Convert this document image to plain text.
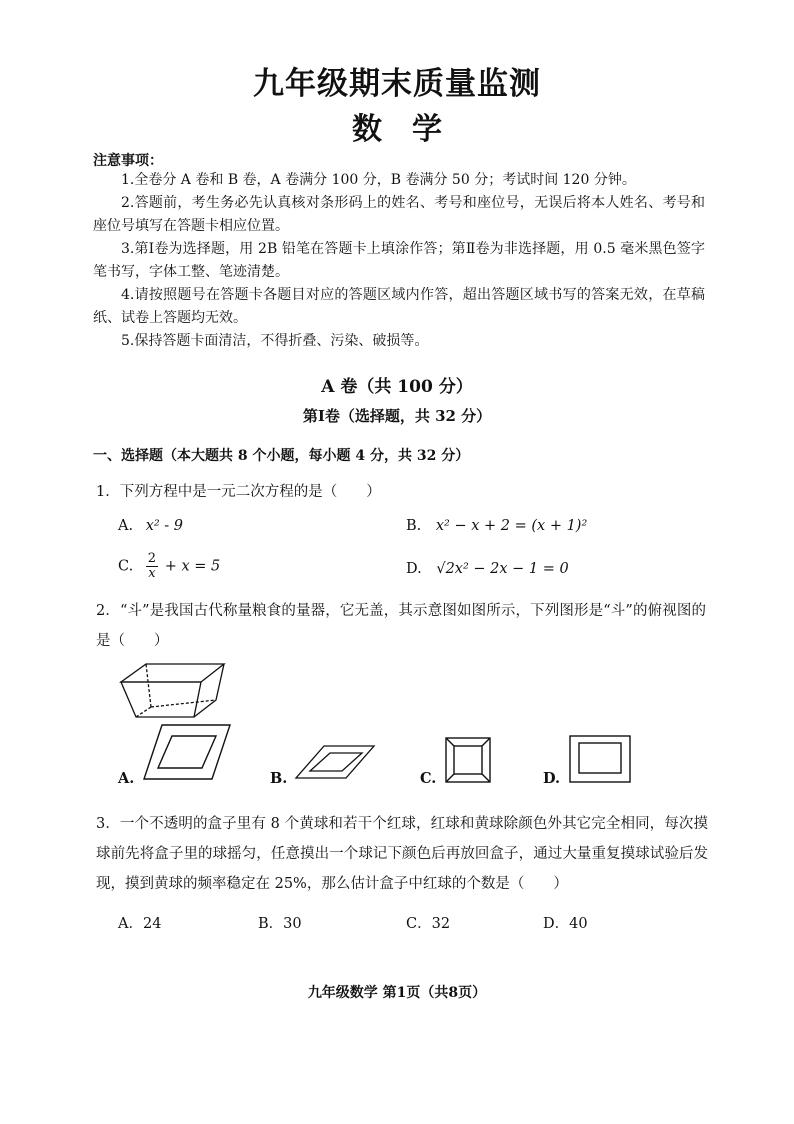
九年级期末质量监测
数学
注意事项：
1.全卷分 A 卷和 B 卷，A 卷满分 100 分，B 卷满分 50 分；考试时间 120 分钟。
2.答题前，考生务必先认真核对条形码上的姓名、考号和座位号，无误后将本人姓名、考号和座位号填写在答题卡相应位置。
3.第Ⅰ卷为选择题，用 2B 铅笔在答题卡上填涂作答；第Ⅱ卷为非选择题，用 0.5 毫米黑色签字笔书写，字体工整、笔迹清楚。
4.请按照题号在答题卡各题目对应的答题区域内作答，超出答题区域书写的答案无效，在草稿纸、试卷上答题均无效。
5.保持答题卡面清洁，不得折叠、污染、破损等。
A 卷（共 100 分）
第Ⅰ卷（选择题，共 32 分）
一、选择题（本大题共 8 个小题，每小题 4 分，共 32 分）
1．下列方程中是一元二次方程的是（　　）
A. x² - 9	B. x² − x + 2 = (x + 1)²
C. $\frac{2}{x} + x = 5$	D. √2x² − 2x − 1 = 0
2．“斗”是我国古代称量粮食的量器，它无盖，其示意图如图所示，下列图形是“斗”的俯视图的是（　　）
A.	B.	C.	D.
3．一个不透明的盒子里有 8 个黄球和若干个红球，红球和黄球除颜色外其它完全相同，每次摸球前先将盒子里的球摇匀，任意摸出一个球记下颜色后再放回盒子，通过大量重复摸球试验后发现，摸到黄球的频率稳定在 25%，那么估计盒子中红球的个数是（　　）
A．24	B．30	C．32	D．40
九年级数学 第1页（共8页）
